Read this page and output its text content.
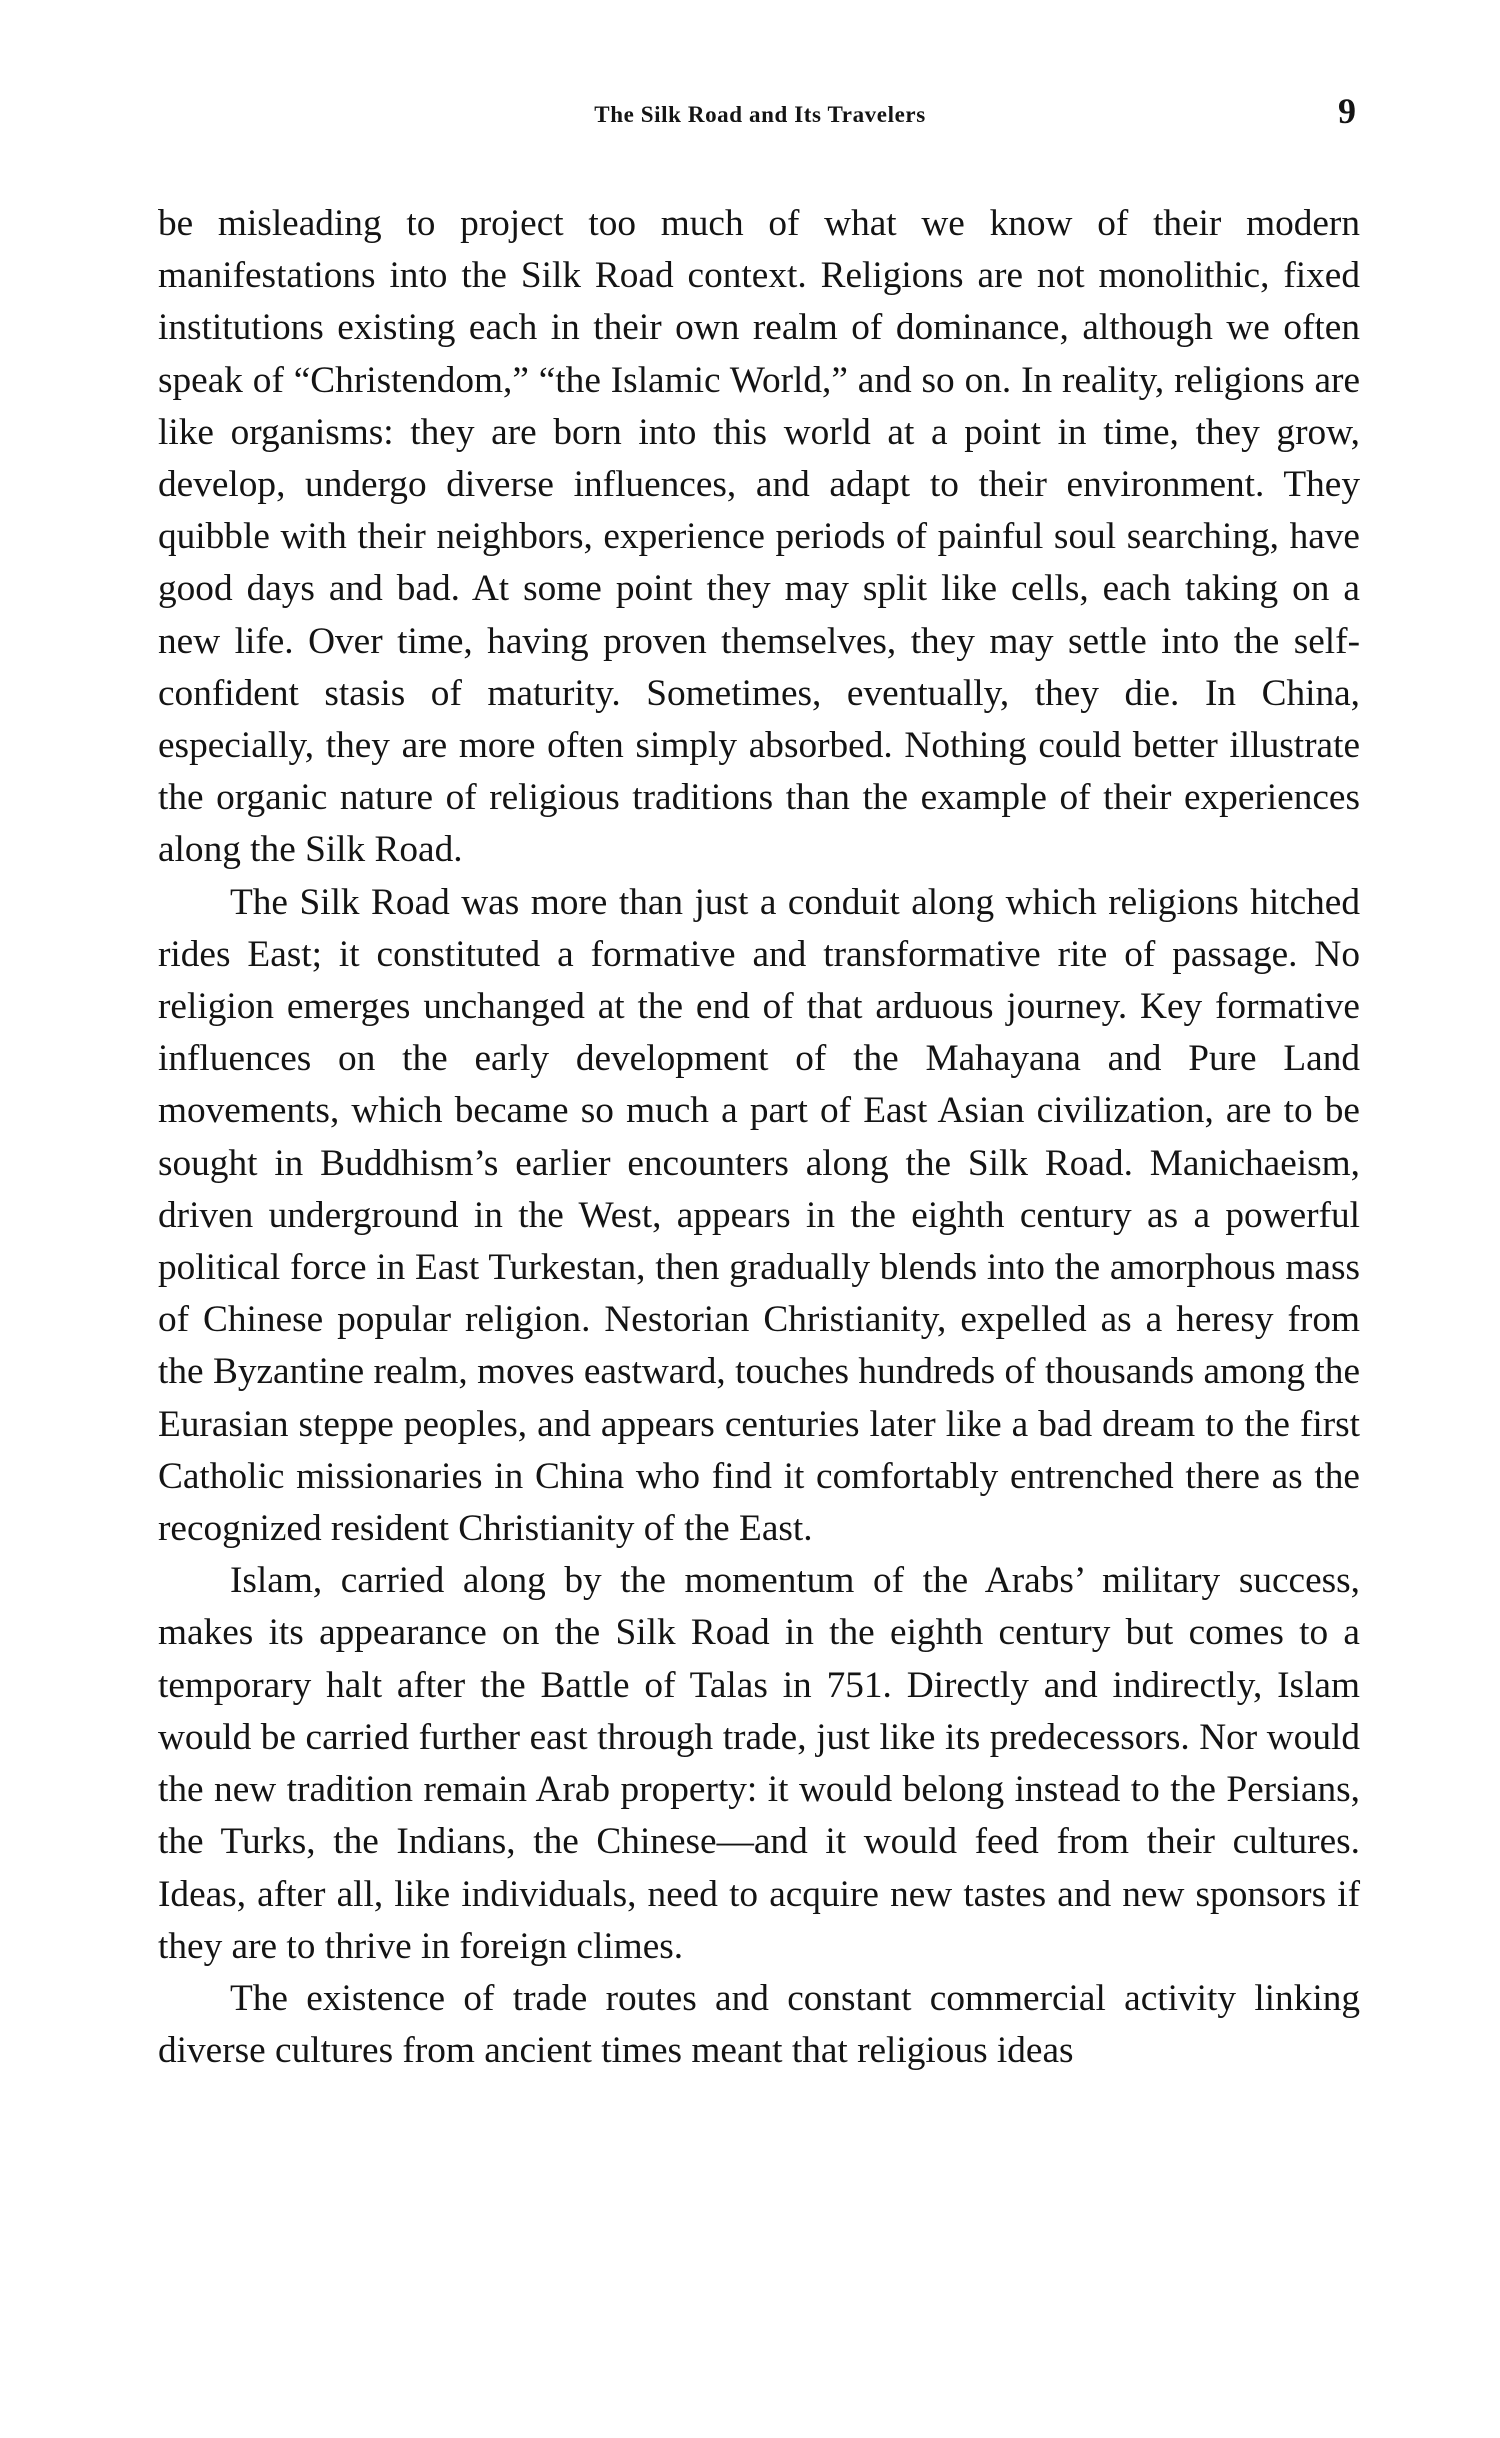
The Silk Road and Its Travelers	9

be misleading to project too much of what we know of their modern manifestations into the Silk Road context. Religions are not monolithic, fixed institutions existing each in their own realm of dominance, although we often speak of “Christendom,” “the Islamic World,” and so on. In reality, religions are like organisms: they are born into this world at a point in time, they grow, develop, undergo diverse influences, and adapt to their environment. They quibble with their neighbors, experience periods of painful soul searching, have good days and bad. At some point they may split like cells, each taking on a new life. Over time, having proven themselves, they may settle into the self-confident stasis of maturity. Sometimes, eventually, they die. In China, especially, they are more often simply absorbed. Nothing could better illustrate the organic nature of religious traditions than the example of their experiences along the Silk Road.

The Silk Road was more than just a conduit along which religions hitched rides East; it constituted a formative and transformative rite of passage. No religion emerges unchanged at the end of that arduous journey. Key formative influences on the early development of the Mahayana and Pure Land movements, which became so much a part of East Asian civilization, are to be sought in Buddhism’s earlier encounters along the Silk Road. Manichaeism, driven underground in the West, appears in the eighth century as a powerful political force in East Turkestan, then gradually blends into the amorphous mass of Chinese popular religion. Nestorian Christianity, expelled as a heresy from the Byzantine realm, moves eastward, touches hundreds of thousands among the Eurasian steppe peoples, and appears centuries later like a bad dream to the first Catholic missionaries in China who find it comfortably entrenched there as the recognized resident Christianity of the East.

Islam, carried along by the momentum of the Arabs’ military success, makes its appearance on the Silk Road in the eighth century but comes to a temporary halt after the Battle of Talas in 751. Directly and indirectly, Islam would be carried further east through trade, just like its predecessors. Nor would the new tradition remain Arab property: it would belong instead to the Persians, the Turks, the Indians, the Chinese—and it would feed from their cultures. Ideas, after all, like individuals, need to acquire new tastes and new sponsors if they are to thrive in foreign climes.

The existence of trade routes and constant commercial activity linking diverse cultures from ancient times meant that religious ideas
